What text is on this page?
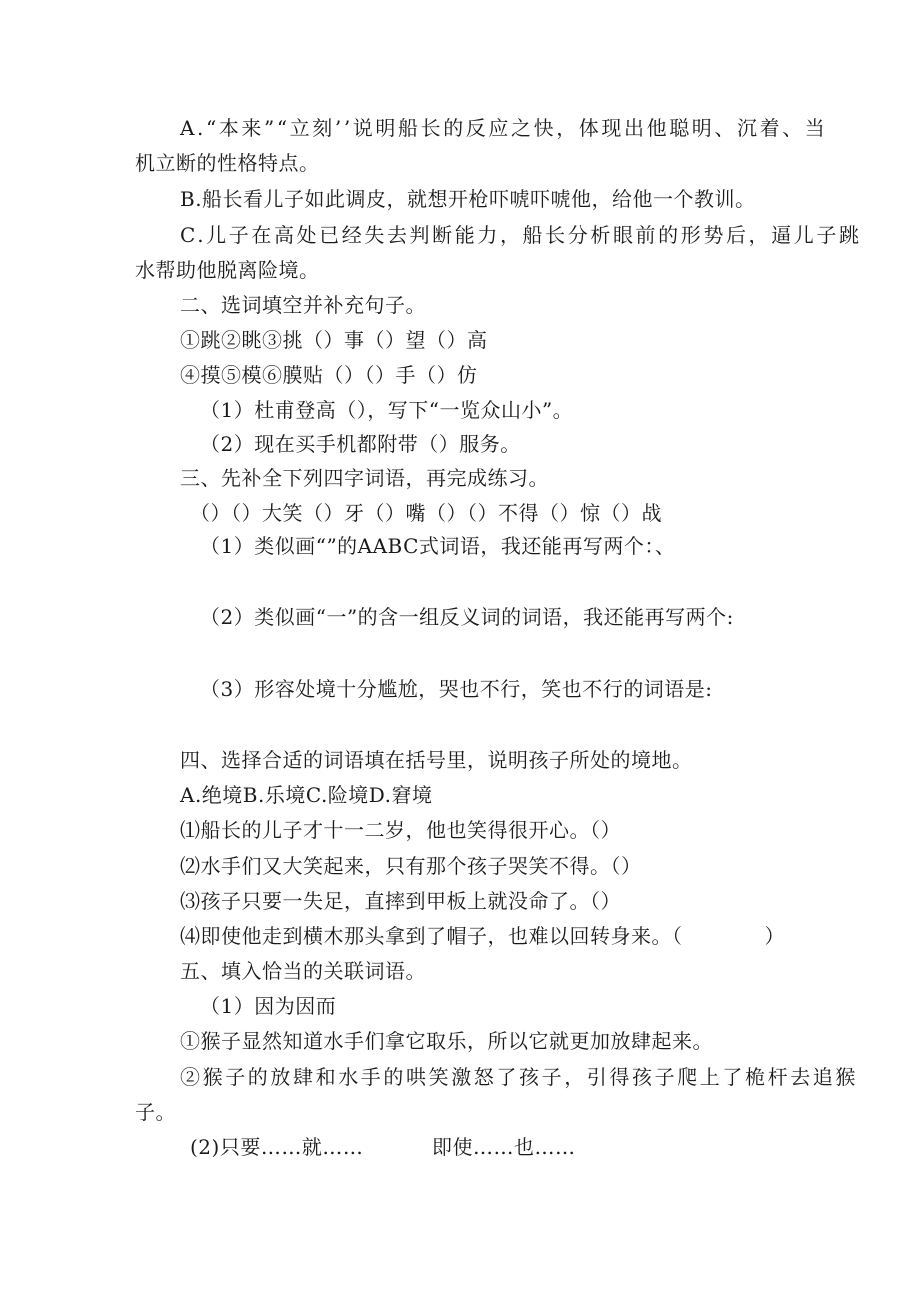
A.“本来”“立刻’’说明船长的反应之快，体现出他聪明、沉着、当
机立断的性格特点。
B.船长看儿子如此调皮，就想开枪吓唬吓唬他，给他一个教训。
C.儿子在高处已经失去判断能力，船长分析眼前的形势后，逼儿子跳
水帮助他脱离险境。
二、选词填空并补充句子。
①跳②眺③挑（）事（）望（）高
④摸⑤模⑥膜贴（）（）手（）仿
（1）杜甫登高（），写下“一览众山小”。
（2）现在买手机都附带（）服务。
三、先补全下列四字词语，再完成练习。
（）（）大笑（）牙（）嘴（）（）不得（）惊（）战
（1）类似画“”的AABC式词语，我还能再写两个：、
（2）类似画“一”的含一组反义词的词语，我还能再写两个:
（3）形容处境十分尴尬，哭也不行，笑也不行的词语是:
四、选择合适的词语填在括号里，说明孩子所处的境地。
A.绝境B.乐境C.险境D.窘境
⑴船长的儿子才十一二岁，他也笑得很开心。（）
⑵水手们又大笑起来，只有那个孩子哭笑不得。（）
⑶孩子只要一失足，直摔到甲板上就没命了。（）
⑷即使他走到横木那头拿到了帽子，也难以回转身来。（　　　　）
五、填入恰当的关联词语。
（1）因为因而
①猴子显然知道水手们拿它取乐，所以它就更加放肆起来。
②猴子的放肆和水手的哄笑激怒了孩子，引得孩子爬上了桅杆去追猴
子。
(2)只要……就……	即使……也……
